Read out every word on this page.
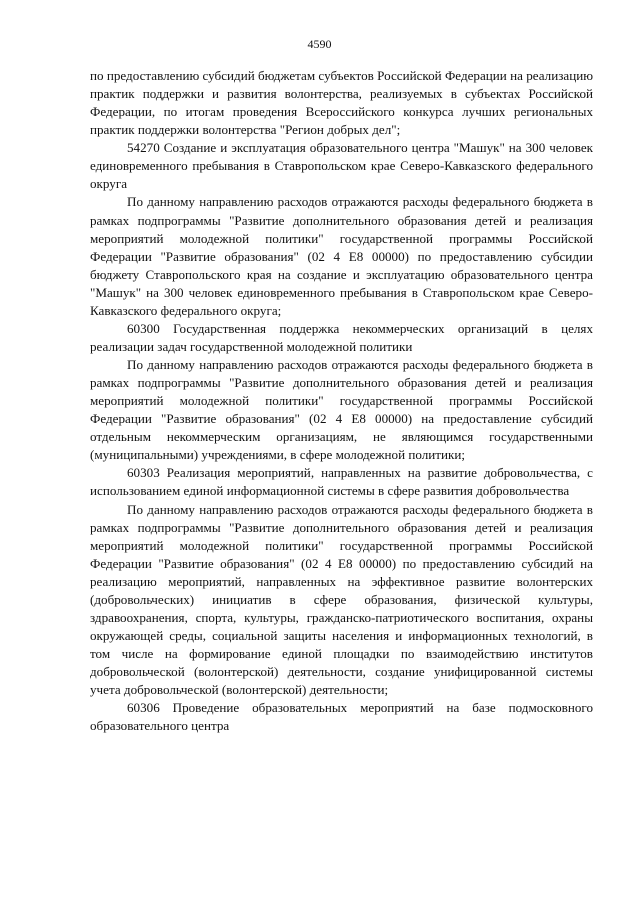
4590

по предоставлению субсидий бюджетам субъектов Российской Федерации на реализацию практик поддержки и развития волонтерства, реализуемых в субъектах Российской Федерации, по итогам проведения Всероссийского конкурса лучших региональных практик поддержки волонтерства "Регион добрых дел";

54270 Создание и эксплуатация образовательного центра "Машук" на 300 человек единовременного пребывания в Ставропольском крае Северо-Кавказского федерального округа

По данному направлению расходов отражаются расходы федерального бюджета в рамках подпрограммы "Развитие дополнительного образования детей и реализация мероприятий молодежной политики" государственной программы Российской Федерации "Развитие образования" (02 4 E8 00000) по предоставлению субсидии бюджету Ставропольского края на создание и эксплуатацию образовательного центра "Машук" на 300 человек единовременного пребывания в Ставропольском крае Северо-Кавказского федерального округа;

60300 Государственная поддержка некоммерческих организаций в целях реализации задач государственной молодежной политики

По данному направлению расходов отражаются расходы федерального бюджета в рамках подпрограммы "Развитие дополнительного образования детей и реализация мероприятий молодежной политики" государственной программы Российской Федерации "Развитие образования" (02 4 E8 00000) на предоставление субсидий отдельным некоммерческим организациям, не являющимся государственными (муниципальными) учреждениями, в сфере молодежной политики;

60303 Реализация мероприятий, направленных на развитие добровольчества, с использованием единой информационной системы в сфере развития добровольчества

По данному направлению расходов отражаются расходы федерального бюджета в рамках подпрограммы "Развитие дополнительного образования детей и реализация мероприятий молодежной политики" государственной программы Российской Федерации "Развитие образования" (02 4 E8 00000) по предоставлению субсидий на реализацию мероприятий, направленных на эффективное развитие волонтерских (добровольческих) инициатив в сфере образования, физической культуры, здравоохранения, спорта, культуры, гражданско-патриотического воспитания, охраны окружающей среды, социальной защиты населения и информационных технологий, в том числе на формирование единой площадки по взаимодействию институтов добровольческой (волонтерской) деятельности, создание унифицированной системы учета добровольческой (волонтерской) деятельности;

60306 Проведение образовательных мероприятий на базе подмосковного образовательного центра
